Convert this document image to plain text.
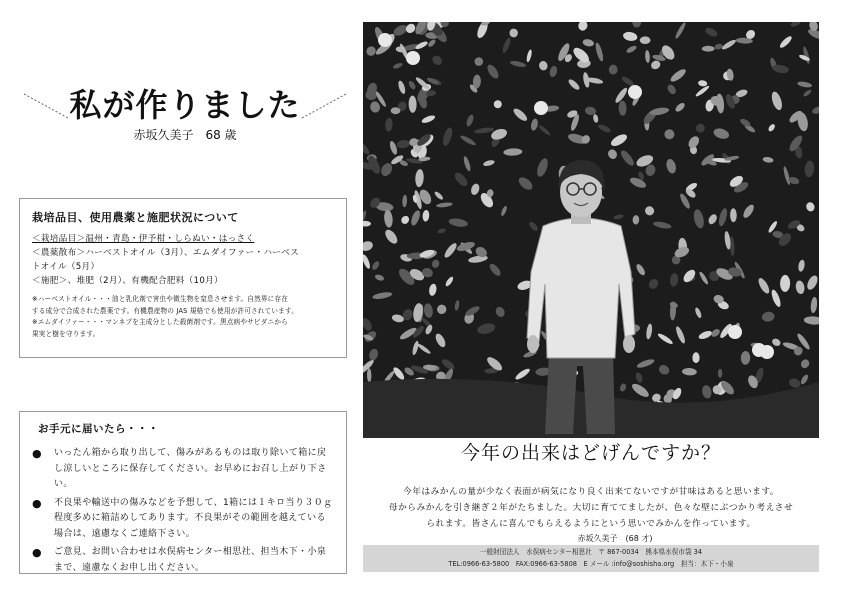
私が作りました
赤坂久美子　68 歳
栽培品目、使用農薬と施肥状況について
＜栽培品目＞温州・青島・伊予柑・しらぬい・はっさく
＜農薬散布＞ハーベストオイル（3月）、エムダイファー・ハーベス
トオイル（5月）
＜施肥＞、堆肥（2月）、有機配合肥料（10月）
※ハーベストオイル・・・油と乳化剤で害虫や微生物を窒息させます。自然界に存在
する成分で合成された農薬です。有機農産物の JAS 規格でも使用が許可されています。
※エムダイファー・・・マンネブを主成分とした殺菌剤です。黒点病やサビダニから
果実と樹を守ります。
お手元に届いたら・・・
●	いったん箱から取り出して、傷みがあるものは取り除いて箱に戻し涼しいところに保存してください。お早めにお召し上がり下さい。
●	不良果や輸送中の傷みなどを予想して、1箱には１キロ当り３０ｇ程度多めに箱詰めしてあります。不良果がその範囲を越えている場合は、遠慮なくご連絡下さい。
●	ご意見、お問い合わせは水俣病センター相思社、担当木下・小泉まで、遠慮なくお申し出ください。
今年の出来はどげんですか？

今年はみかんの量が少なく表面が病気になり良く出来てないですが甘味はあると思います。

母からみかんを引き継ぎ２年がたちました。大切に育ててましたが、色々な壁にぶつかり考えさせ

られます。皆さんに喜んでもらえるようにという思いでみかんを作っています。

赤坂久美子　(68 才)
一般財団法人　水俣病センター相思社　〒 867-0034　熊本県水俣市袋 34
TEL:0966-63-5800　FAX:0966-63-5808　E メール :info@soshisha.org　担当：木下・小泉
